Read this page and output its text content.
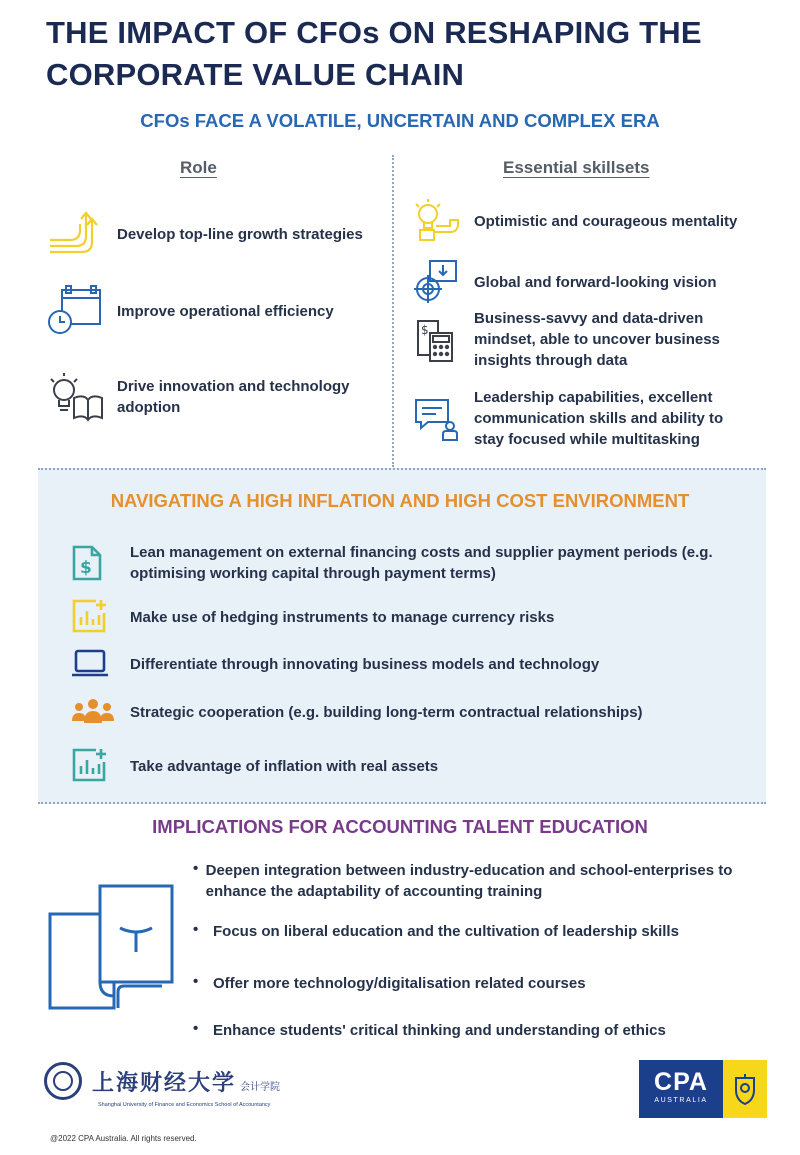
THE IMPACT OF CFOs ON RESHAPING THE
CORPORATE VALUE CHAIN
CFOs FACE A VOLATILE, UNCERTAIN AND COMPLEX ERA
Role	Essential skillsets
Develop top-line growth strategies
Improve operational efficiency
Drive innovation and technology adoption
Optimistic and courageous mentality
Global and forward-looking vision
$
Business-savvy and data-driven mindset, able to uncover business insights through data
Leadership capabilities, excellent communication skills and ability to stay focused while multitasking
NAVIGATING A HIGH INFLATION AND HIGH COST ENVIRONMENT
$
Lean management on external financing costs and supplier payment periods (e.g. optimising working capital through payment terms)
Make use of hedging instruments to manage currency risks
Differentiate through innovating business models and technology
Strategic cooperation (e.g. building long-term contractual relationships)
Take advantage of inflation with real assets
IMPLICATIONS FOR ACCOUNTING TALENT EDUCATION
• Deepen integration between industry-education and school-enterprises to enhance the adaptability of accounting training
• Focus on liberal education and the cultivation of leadership skills
• Offer more technology/digitalisation related courses
• Enhance students' critical thinking and understanding of ethics
上海财经大学 会计学院
Shanghai University of Finance and Economics School of Accountancy
CPA
AUSTRALIA
@2022 CPA Australia. All rights reserved.
